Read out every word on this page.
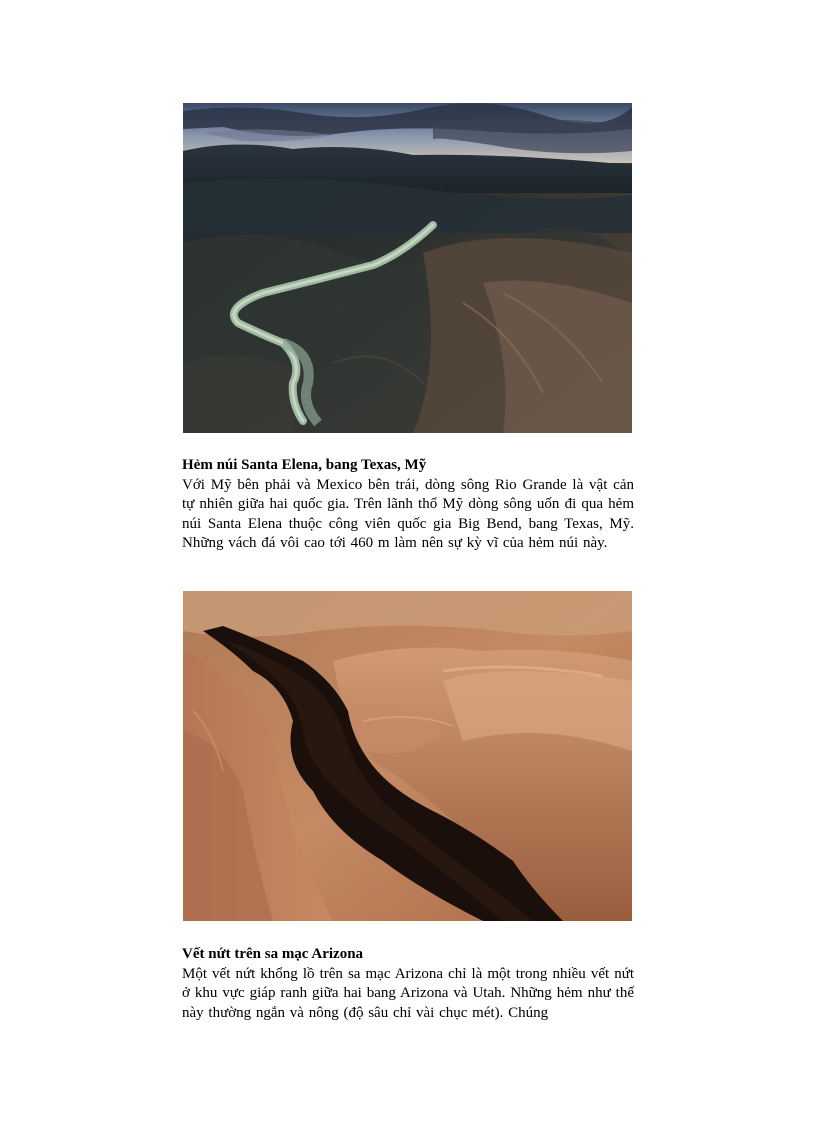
Hẻm núi Santa Elena, bang Texas, Mỹ
Với Mỹ bên phải và Mexico bên trái, dòng sông Rio Grande là vật cản tự nhiên giữa hai quốc gia. Trên lãnh thổ Mỹ dòng sông uốn đi qua hẻm núi Santa Elena thuộc công viên quốc gia Big Bend, bang Texas, Mỹ. Những vách đá vôi cao tới 460 m làm nên sự kỳ vĩ của hẻm núi này.
Vết nứt trên sa mạc Arizona
Một vết nứt khổng lồ trên sa mạc Arizona chỉ là một trong nhiều vết nứt ở khu vực giáp ranh giữa hai bang Arizona và Utah. Những hẻm như thế này thường ngắn và nông (độ sâu chỉ vài chục mét). Chúng
